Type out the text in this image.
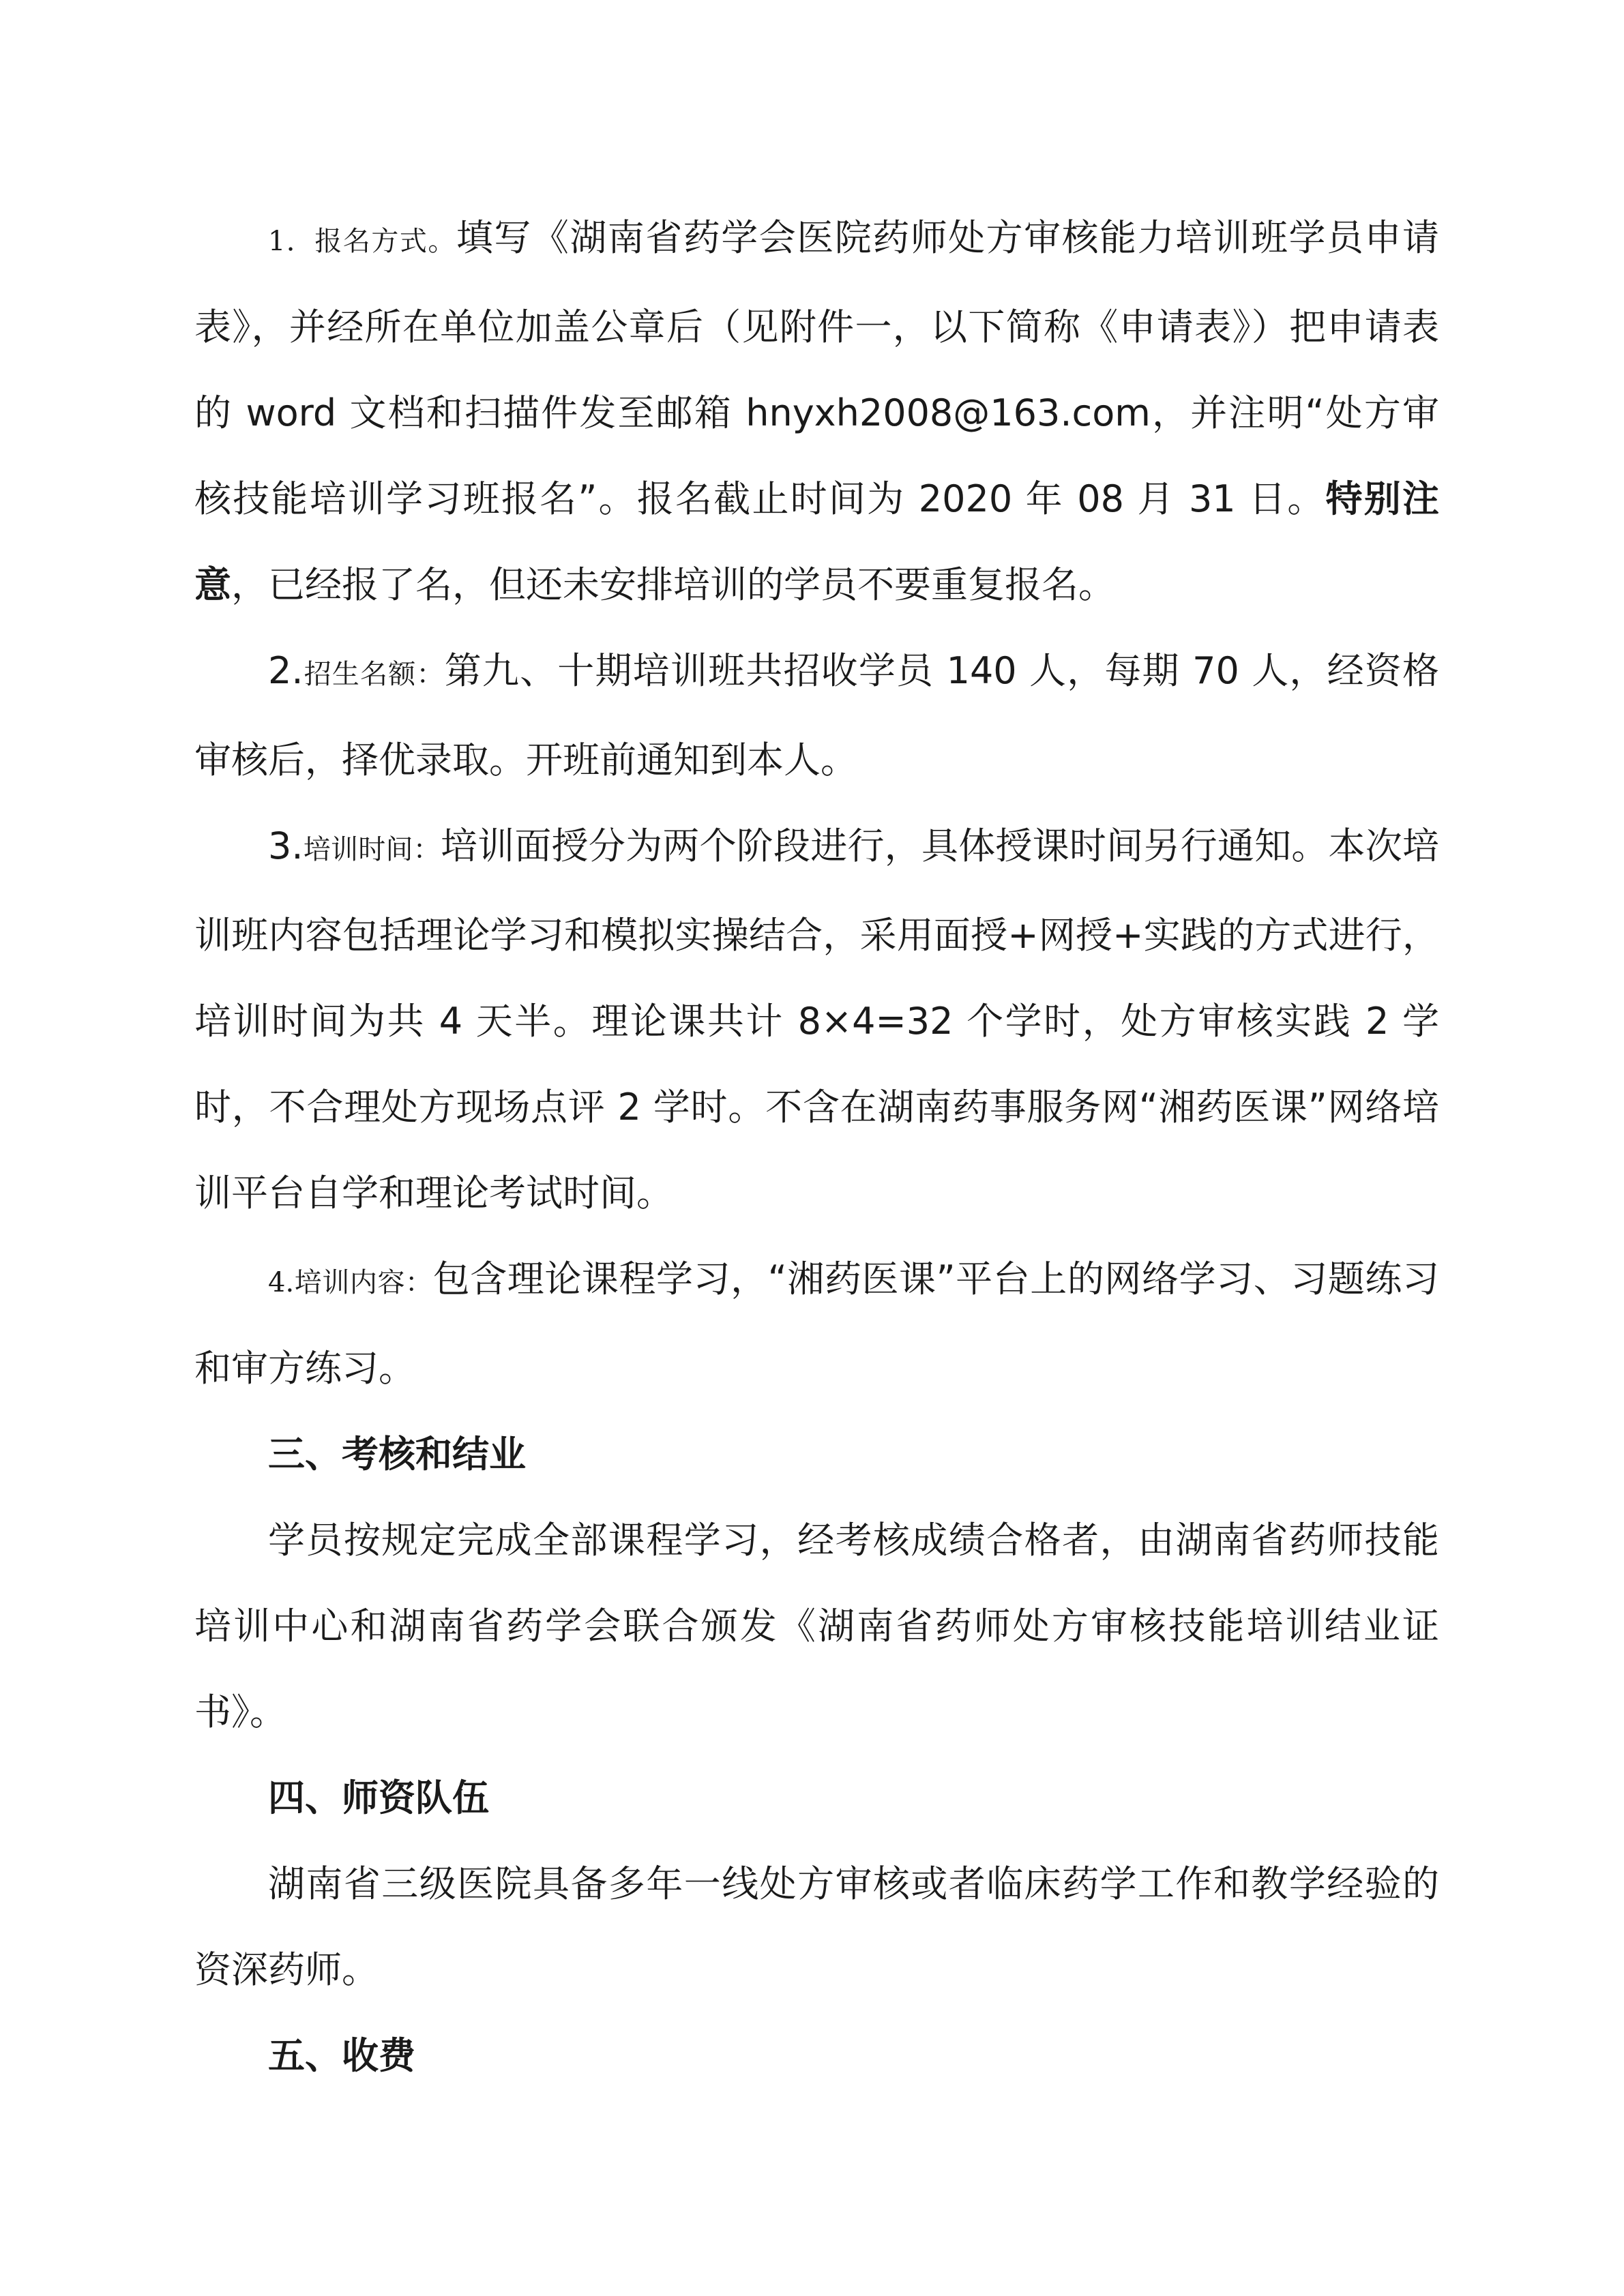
1．报名方式。填写《湖南省药学会医院药师处方审核能力培训班学员申请表》，并经所在单位加盖公章后（见附件一，以下简称《申请表》）把申请表的 word 文档和扫描件发至邮箱 hnyxh2008@163.com，并注明“处方审核技能培训学习班报名”。报名截止时间为 2020 年 08 月 31 日。特别注意，已经报了名，但还未安排培训的学员不要重复报名。

2.招生名额：第九、十期培训班共招收学员 140 人，每期 70 人，经资格审核后，择优录取。开班前通知到本人。

3.培训时间：培训面授分为两个阶段进行，具体授课时间另行通知。本次培训班内容包括理论学习和模拟实操结合，采用面授+网授+实践的方式进行，培训时间为共 4 天半。理论课共计 8×4=32 个学时，处方审核实践 2 学时，不合理处方现场点评 2 学时。不含在湖南药事服务网“湘药医课”网络培训平台自学和理论考试时间。

4.培训内容：包含理论课程学习，“湘药医课”平台上的网络学习、习题练习和审方练习。

三、考核和结业

学员按规定完成全部课程学习，经考核成绩合格者，由湖南省药师技能培训中心和湖南省药学会联合颁发《湖南省药师处方审核技能培训结业证书》。

四、师资队伍

湖南省三级医院具备多年一线处方审核或者临床药学工作和教学经验的资深药师。

五、收费
